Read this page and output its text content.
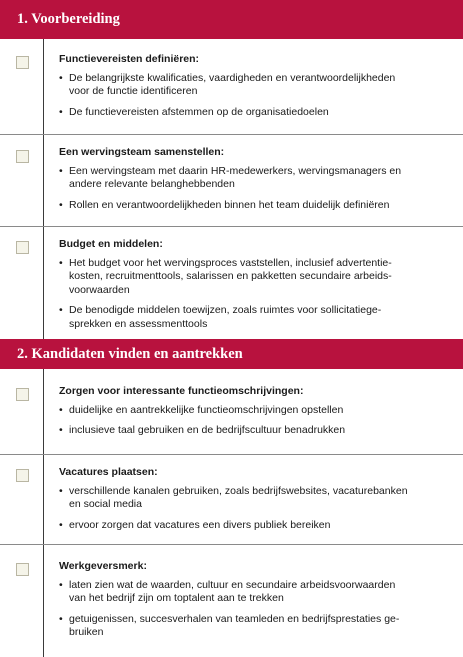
1. Voorbereiding
Functievereisten definiëren:
• De belangrijkste kwalificaties, vaardigheden en verantwoordelijkheden
voor de functie identificeren
• De functievereisten afstemmen op de organisatiedoelen
Een wervingsteam samenstellen:
• Een wervingsteam met daarin HR-medewerkers, wervingsmanagers en
andere relevante belanghebbenden
• Rollen en verantwoordelijkheden binnen het team duidelijk definiëren
Budget en middelen:
• Het budget voor het wervingsproces vaststellen, inclusief advertentie-
kosten, recruitmenttools, salarissen en pakketten secundaire arbeids-
voorwaarden
• De benodigde middelen toewijzen, zoals ruimtes voor sollicitatiege-
sprekken en assessmenttools
2. Kandidaten vinden en aantrekken
Zorgen voor interessante functieomschrijvingen:
• duidelijke en aantrekkelijke functieomschrijvingen opstellen
• inclusieve taal gebruiken en de bedrijfscultuur benadrukken
Vacatures plaatsen:
• verschillende kanalen gebruiken, zoals bedrijfswebsites, vacaturebanken
en social media
• ervoor zorgen dat vacatures een divers publiek bereiken
Werkgeversmerk:
• laten zien wat de waarden, cultuur en secundaire arbeidsvoorwaarden
van het bedrijf zijn om toptalent aan te trekken
• getuigenissen, succesverhalen van teamleden en bedrijfsprestaties ge-
bruiken
